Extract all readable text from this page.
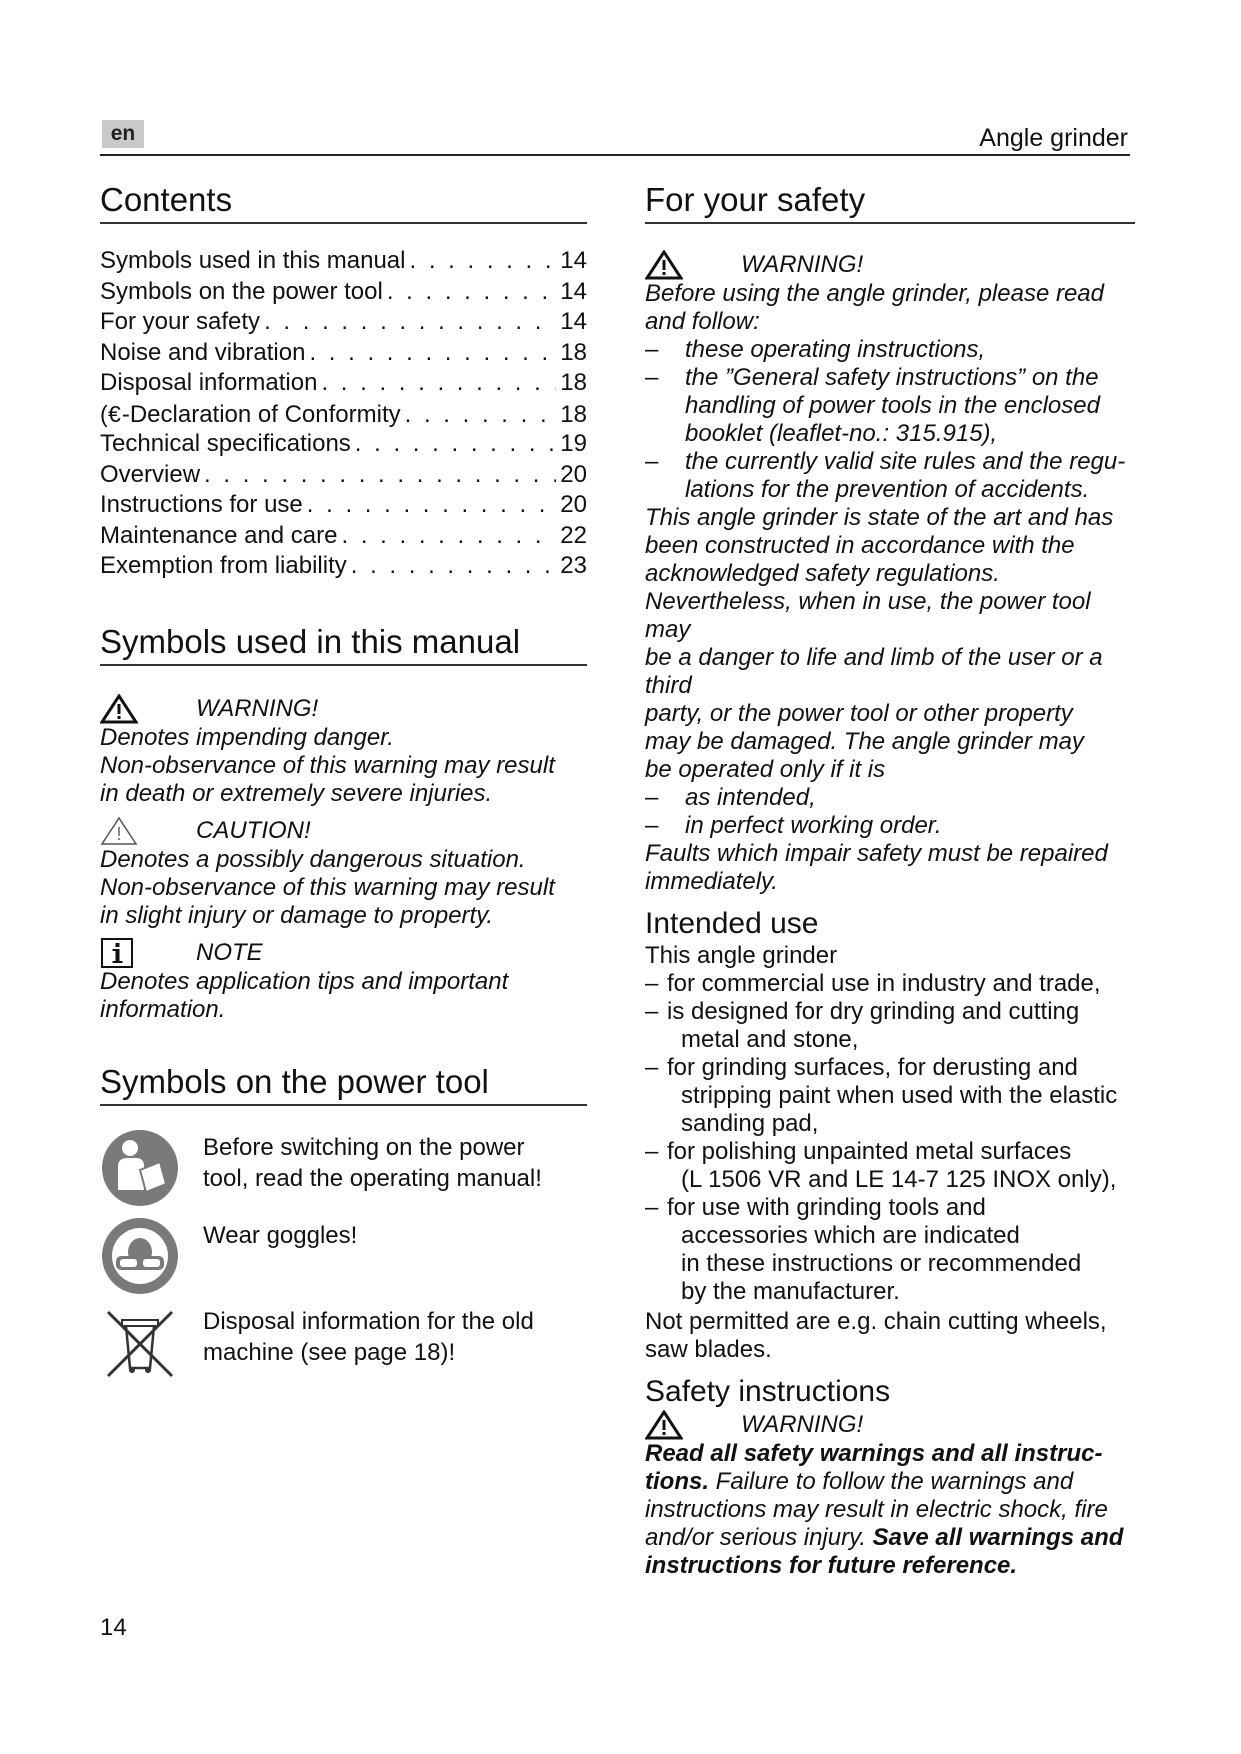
en	Angle grinder
Contents
Symbols used in this manual . . .	14
Symbols on the power tool . . .	14
For your safety . . .	14
Noise and vibration . . .	18
Disposal information . . .	18
( € -Declaration of Conformity . . .	18
Technical specifications . . .	19
Overview . . .	20
Instructions for use . . .	20
Maintenance and care . . .	22
Exemption from liability . . .	23
Symbols used in this manual
WARNING!
Denotes impending danger.
Non-observance of this warning may result
in death or extremely severe injuries.
CAUTION!
Denotes a possibly dangerous situation.
Non-observance of this warning may result
in slight injury or damage to property.
NOTE
Denotes application tips and important
information.
Symbols on the power tool
Before switching on the power
tool, read the operating manual!
Wear goggles!
Disposal information for the old
machine (see page 18)!
For your safety
WARNING!
Before using the angle grinder, please read
and follow:
–	these operating instructions,
–	the ”General safety instructions” on the
handling of power tools in the enclosed
booklet (leaflet-no.: 315.915),
–	the currently valid site rules and the regu-
lations for the prevention of accidents.
This angle grinder is state of the art and has
been constructed in accordance with the
acknowledged safety regulations.
Nevertheless, when in use, the power tool may
be a danger to life and limb of the user or a third
party, or the power tool or other property
may be damaged. The angle grinder may
be operated only if it is
–	as intended,
–	in perfect working order.
Faults which impair safety must be repaired
immediately.
Intended use
This angle grinder
– for commercial use in industry and trade,
– is designed for dry grinding and cutting
metal and stone,
– for grinding surfaces, for derusting and
stripping paint when used with the elastic
sanding pad,
– for polishing unpainted metal surfaces
(L 1506 VR and LE 14-7 125 INOX only),
– for use with grinding tools and
accessories which are indicated
in these instructions or recommended
by the manufacturer.
Not permitted are e.g. chain cutting wheels,
saw blades.
Safety instructions
WARNING!
Read all safety warnings and all instruc-
tions. Failure to follow the warnings and
instructions may result in electric shock, fire
and/or serious injury. Save all warnings and
instructions for future reference.
14
